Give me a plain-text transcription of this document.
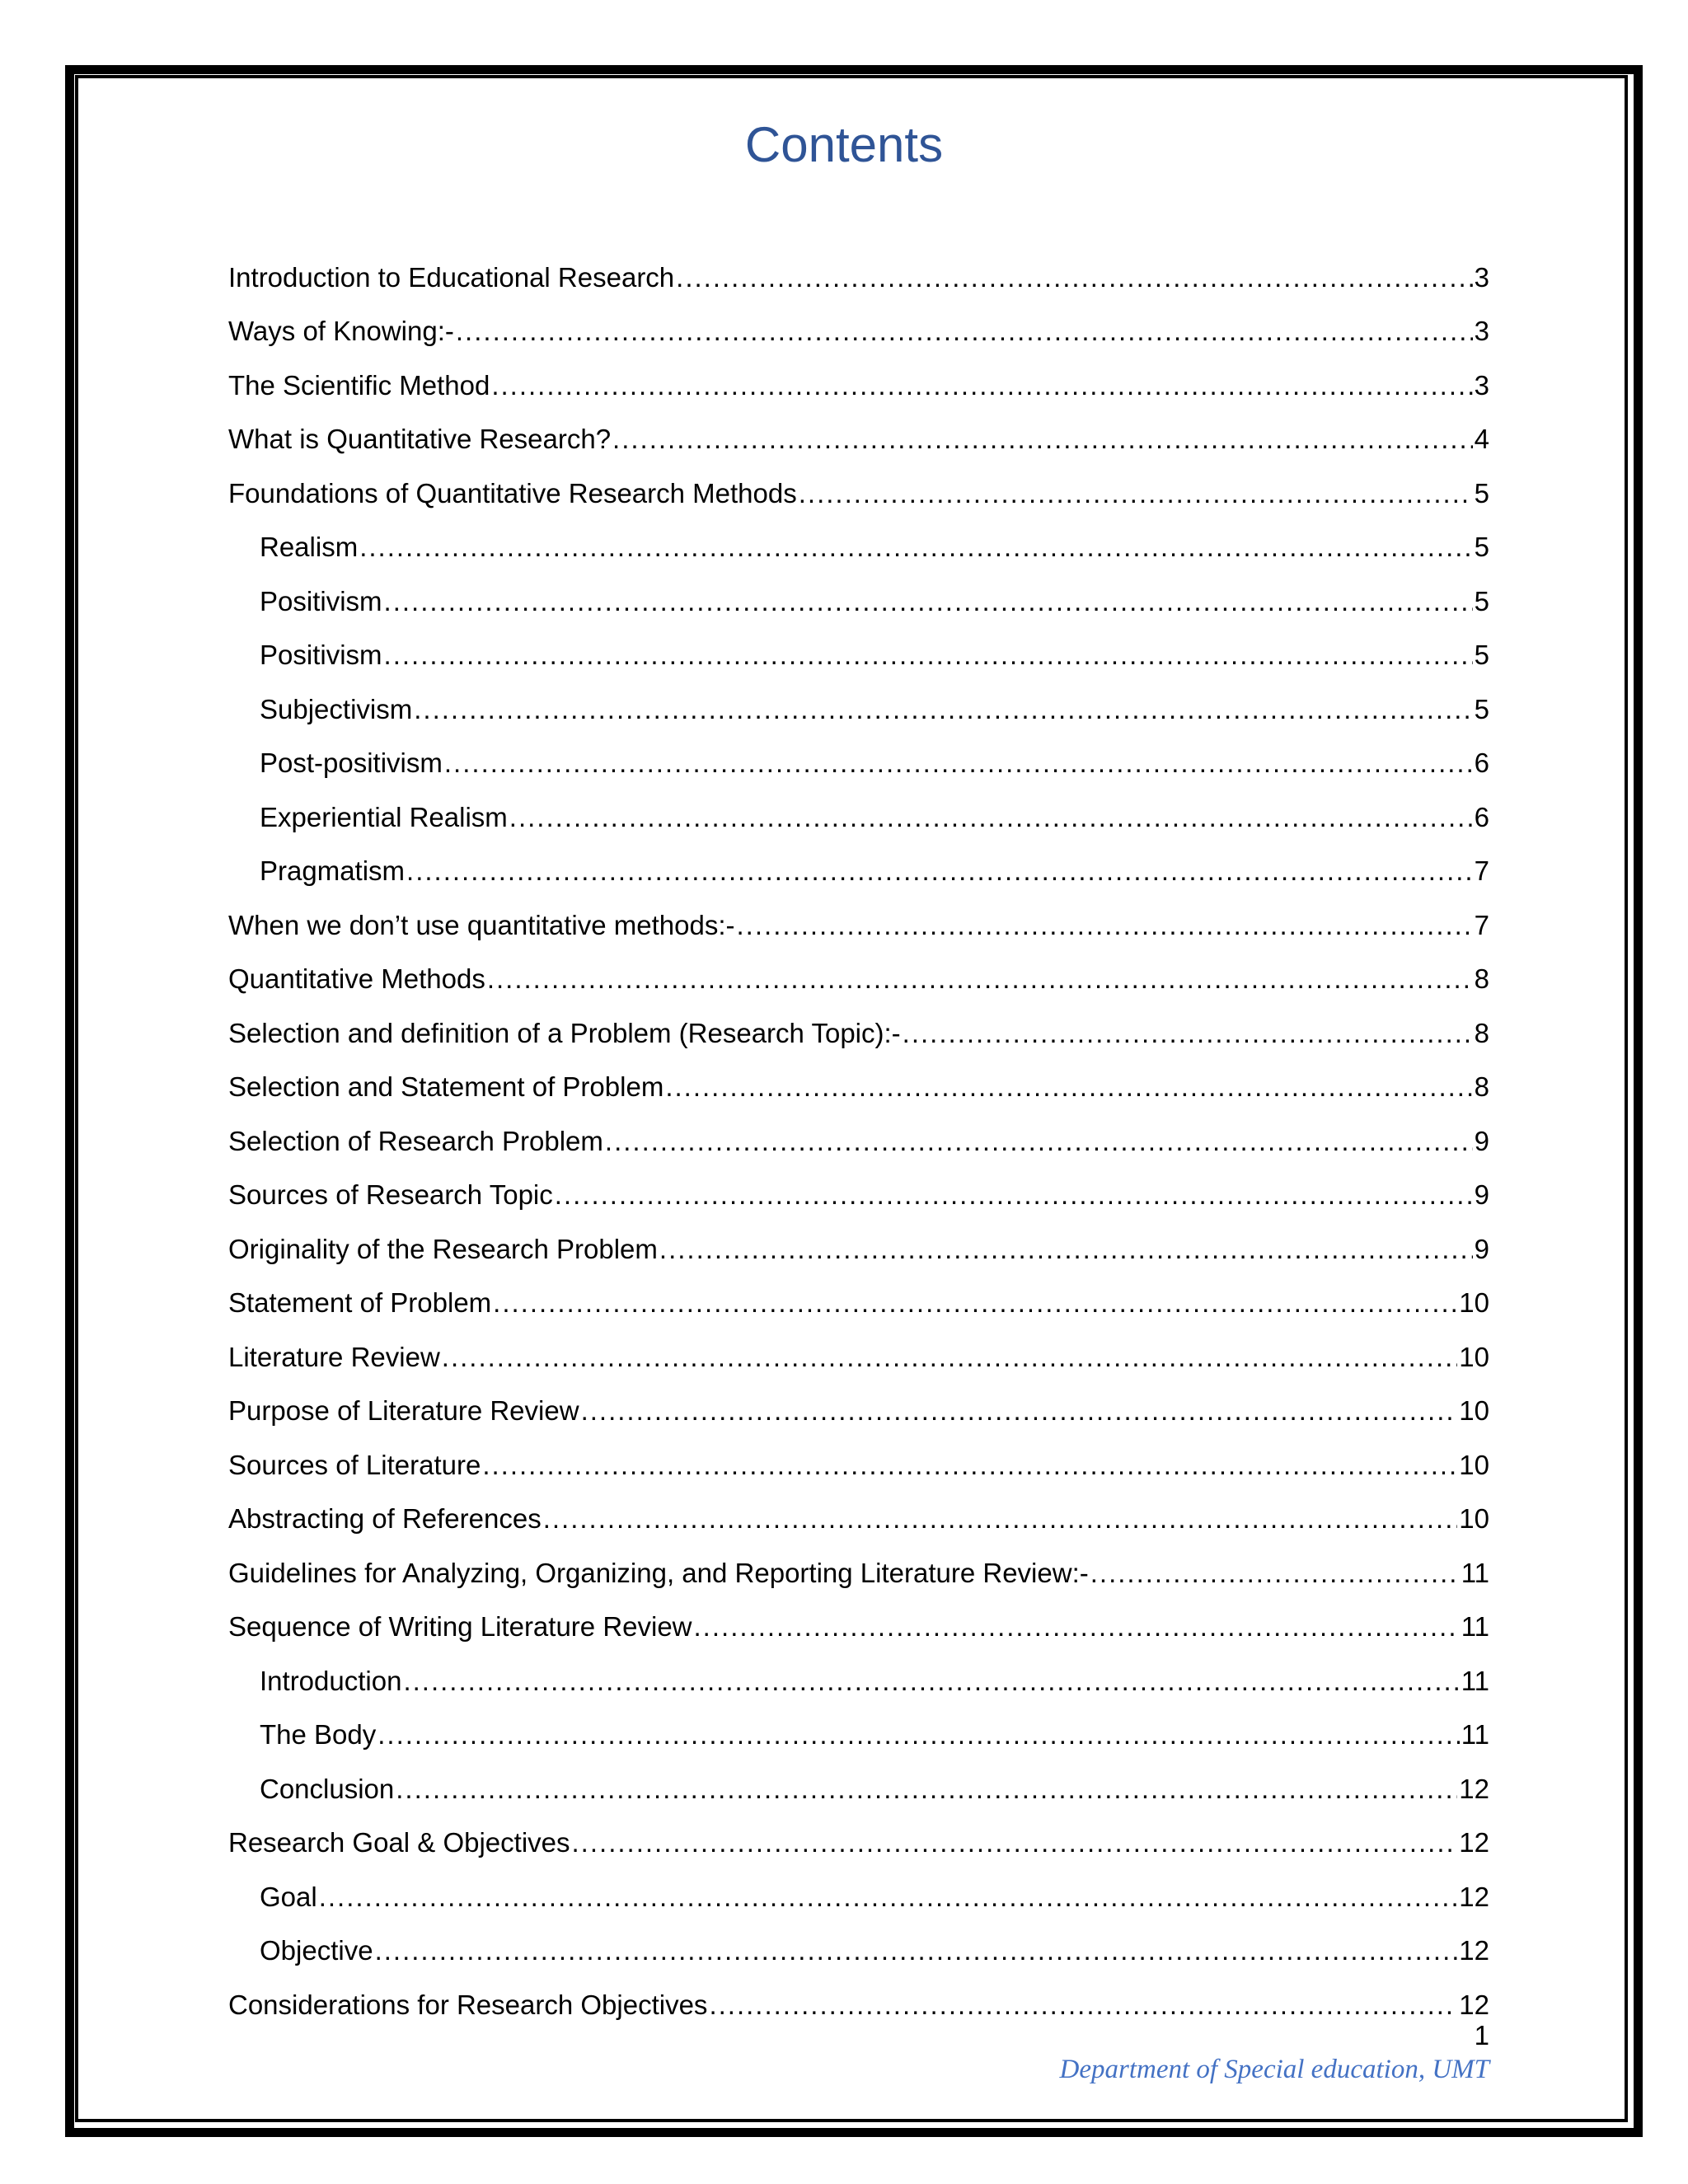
Contents
Introduction to Educational Research .....	3
Ways of Knowing:- .....	3
The Scientific Method .....	3
What is Quantitative Research? .....	4
Foundations of Quantitative Research Methods .....	5
Realism .....	5
Positivism .....	5
Positivism .....	5
Subjectivism .....	5
Post-positivism .....	6
Experiential Realism .....	6
Pragmatism .....	7
When we don’t use quantitative methods:- .....	7
Quantitative Methods .....	8
Selection and definition of a Problem (Research Topic):- .....	8
Selection and Statement of Problem .....	8
Selection of Research Problem .....	9
Sources of Research Topic .....	9
Originality of the Research Problem .....	9
Statement of Problem .....	10
Literature Review .....	10
Purpose of Literature Review .....	10
Sources of Literature .....	10
Abstracting of References .....	10
Guidelines for Analyzing, Organizing, and Reporting Literature Review:- .....	11
Sequence of Writing Literature Review .....	11
Introduction .....	11
The Body .....	11
Conclusion .....	12
Research Goal & Objectives .....	12
Goal .....	12
Objective .....	12
Considerations for Research Objectives .....	12
1
Department of Special education, UMT
